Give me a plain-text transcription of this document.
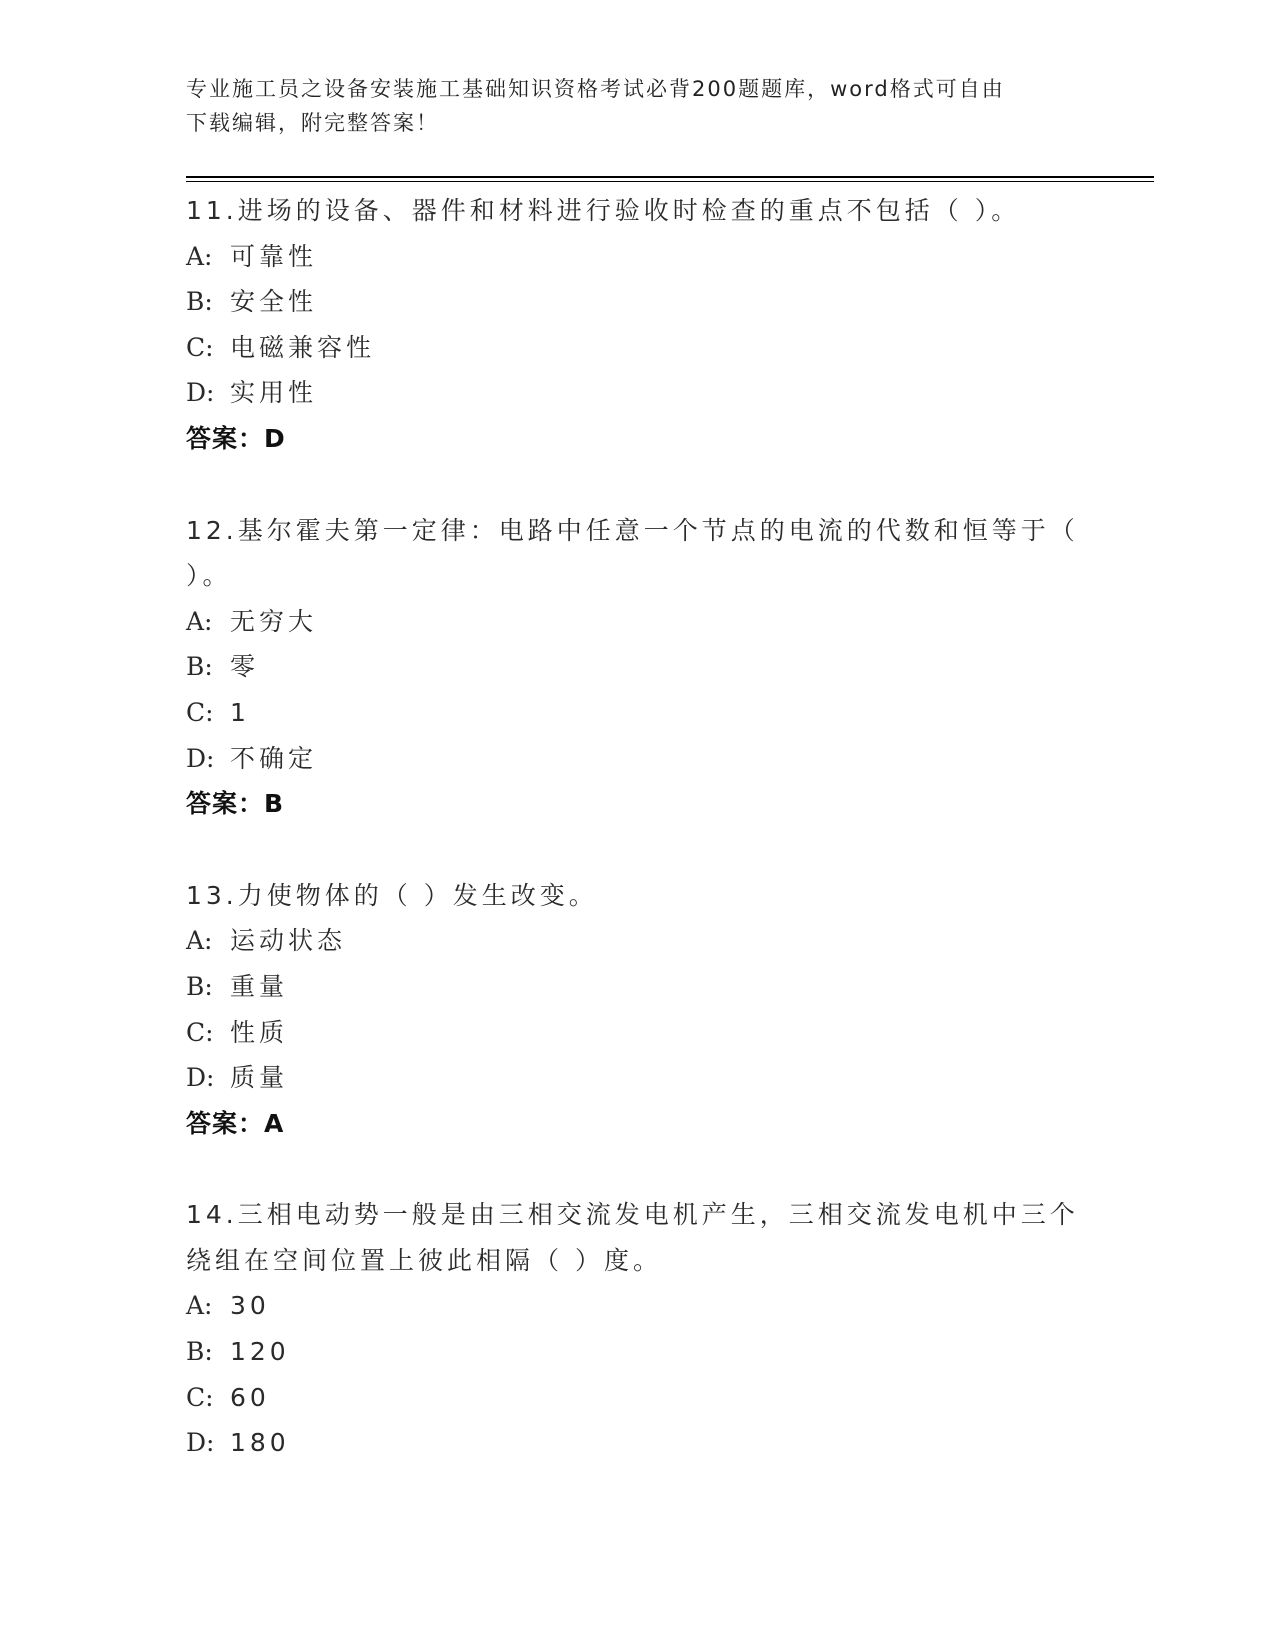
专业施工员之设备安装施工基础知识资格考试必背200题题库，word格式可自由
下载编辑，附完整答案！
11.进场的设备、器件和材料进行验收时检查的重点不包括（ ）。
A: 可靠性
B: 安全性
C: 电磁兼容性
D: 实用性
答案：D
12.基尔霍夫第一定律：电路中任意一个节点的电流的代数和恒等于（
）。
A: 无穷大
B: 零
C: 1
D: 不确定
答案：B
13.力使物体的（ ）发生改变。
A: 运动状态
B: 重量
C: 性质
D: 质量
答案：A
14.三相电动势一般是由三相交流发电机产生，三相交流发电机中三个
绕组在空间位置上彼此相隔（ ）度。
A: 30
B: 120
C: 60
D: 180
